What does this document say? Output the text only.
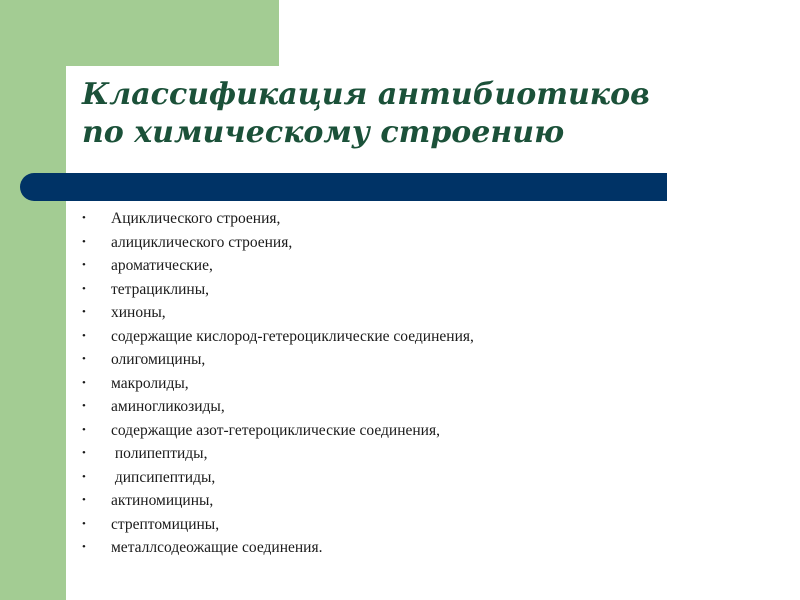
Классификация антибиотиков
по химическому строению
• Ациклического строения,
• алициклического строения,
• ароматические,
• тетрациклины,
• хиноны,
• содержащие кислород-гетероциклические соединения,
• олигомицины,
• макролиды,
• аминогликозиды,
• содержащие азот-гетероциклические соединения,
•  полипептиды,
•  дипсипептиды,
• актиномицины,
• стрептомицины,
• металлсодеожащие соединения.
